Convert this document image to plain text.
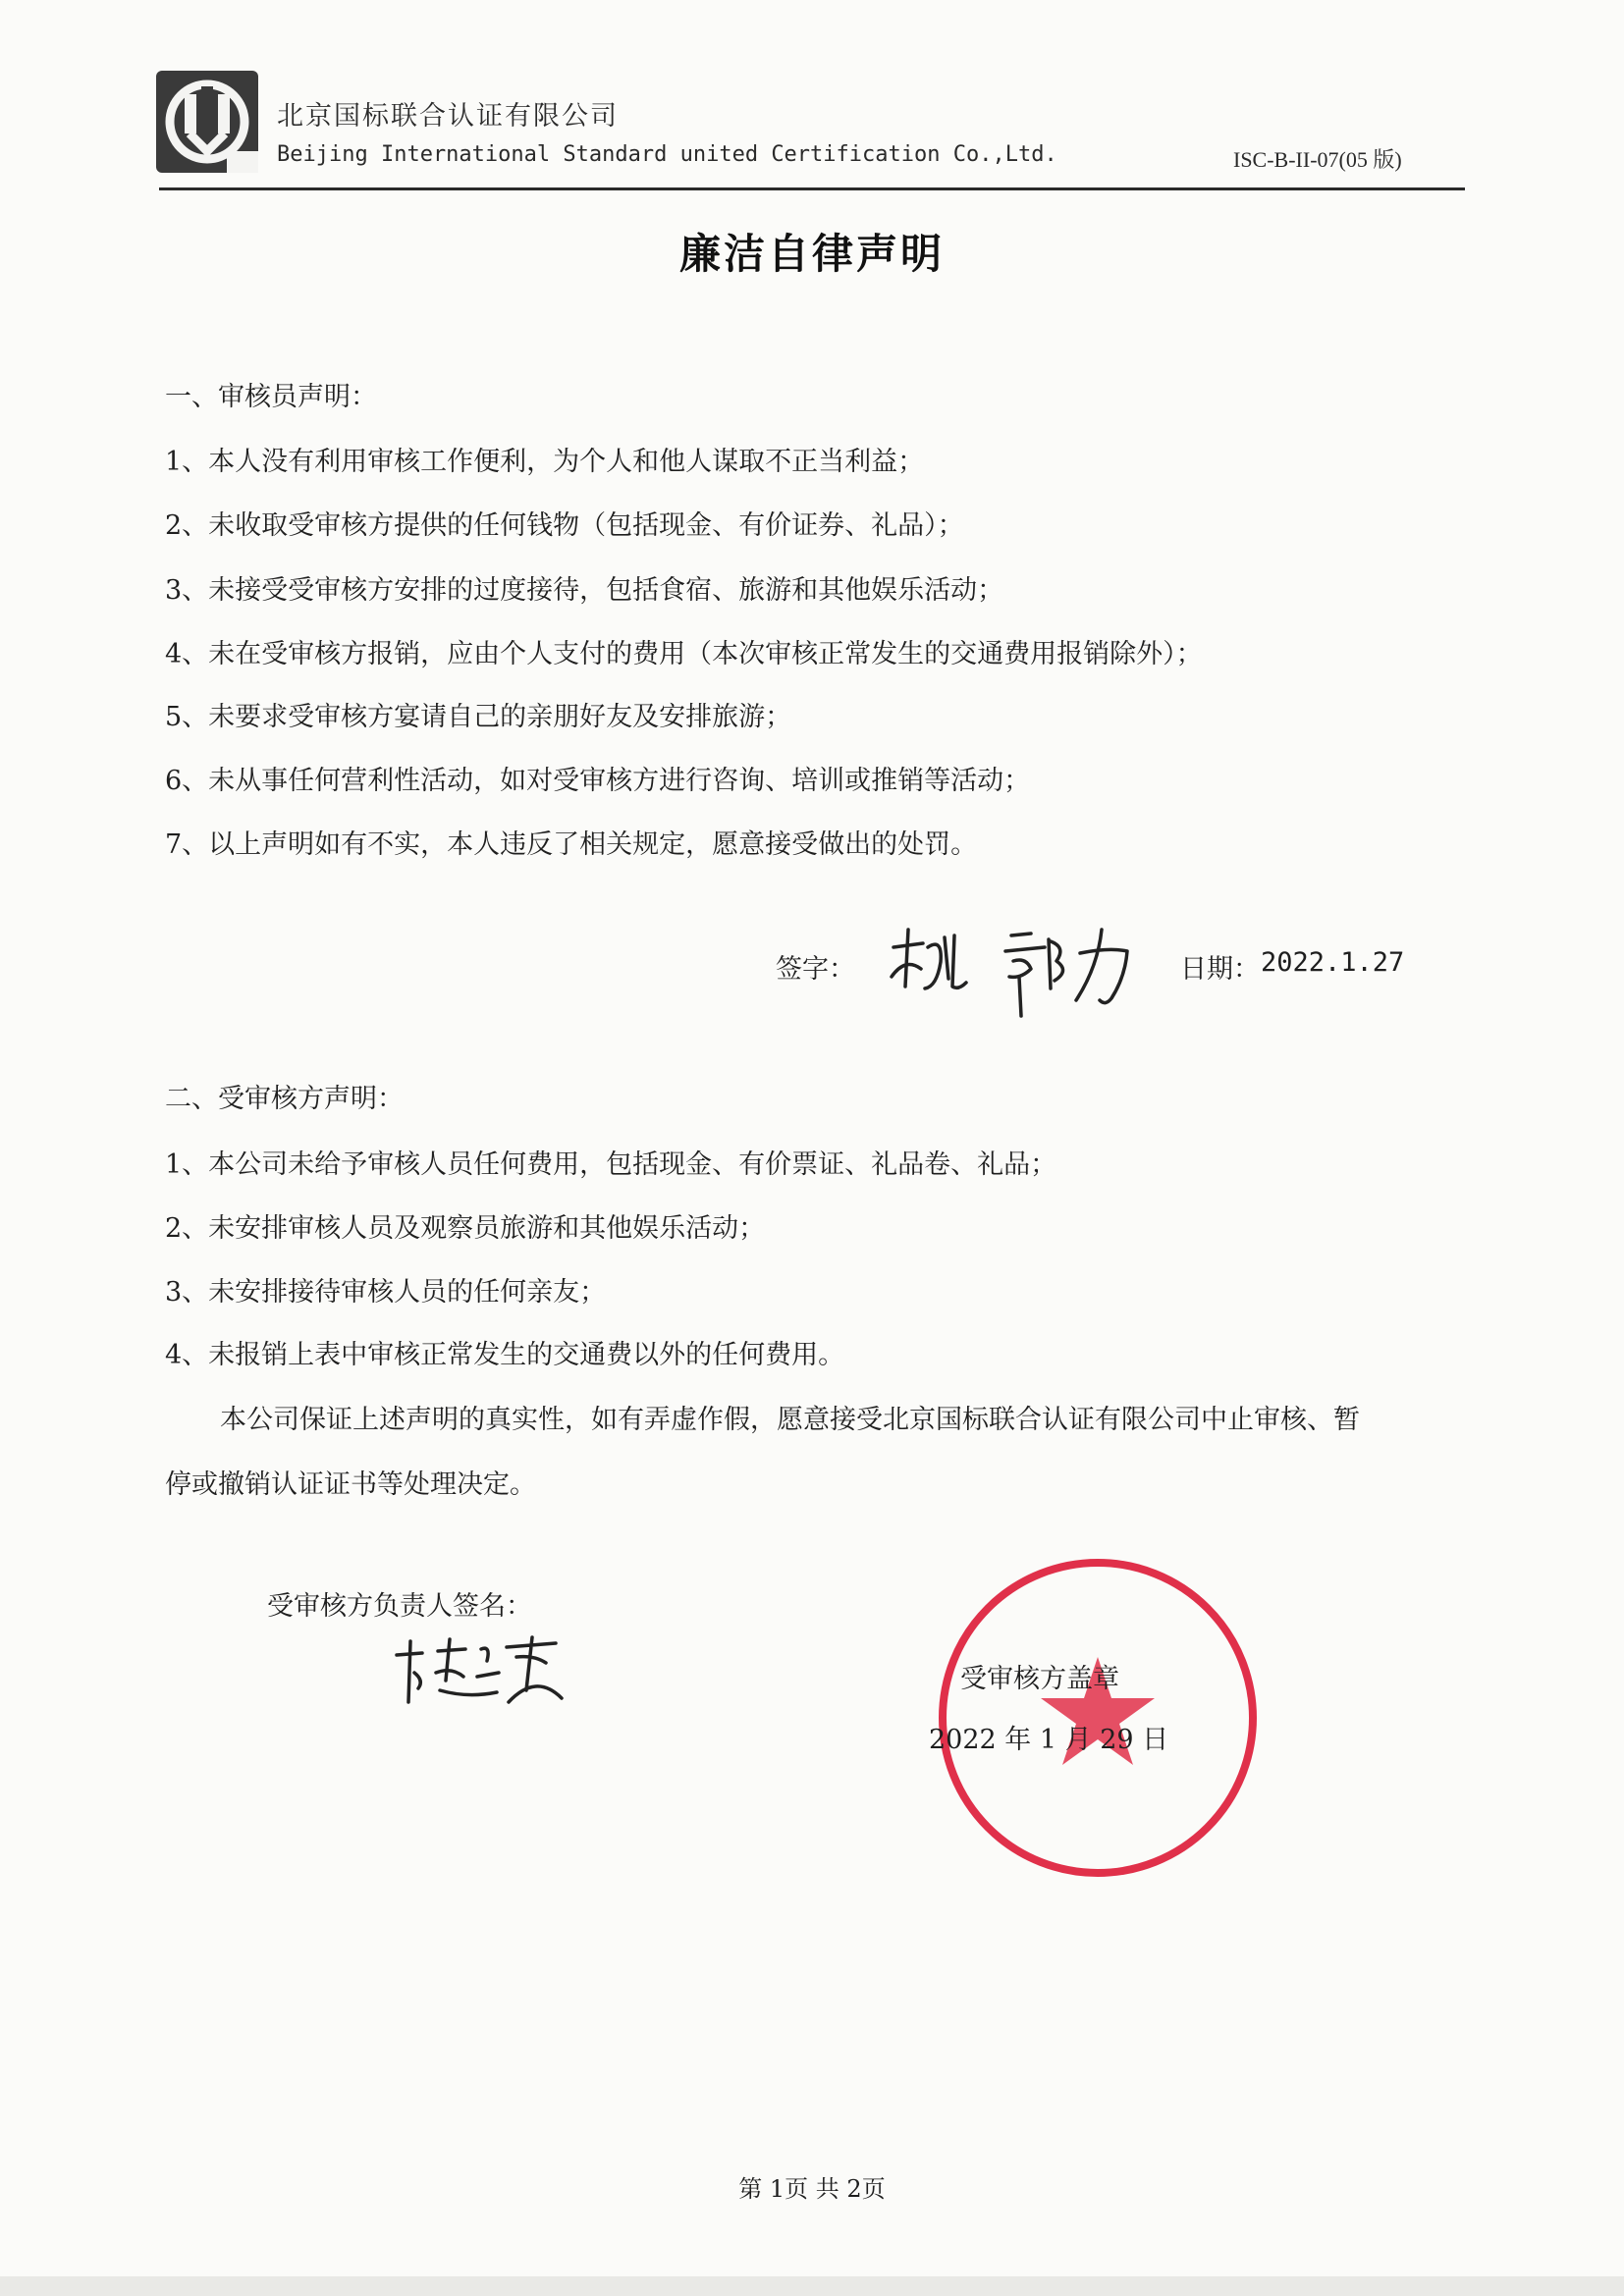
北京国标联合认证有限公司
Beijing International Standard united Certification Co.,Ltd.	ISC-B-II-07(05 版)
廉洁自律声明
一、审核员声明：
1、本人没有利用审核工作便利，为个人和他人谋取不正当利益；
2、未收取受审核方提供的任何钱物（包括现金、有价证券、礼品）；
3、未接受受审核方安排的过度接待，包括食宿、旅游和其他娱乐活动；
4、未在受审核方报销，应由个人支付的费用（本次审核正常发生的交通费用报销除外）；
5、未要求受审核方宴请自己的亲朋好友及安排旅游；
6、未从事任何营利性活动，如对受审核方进行咨询、培训或推销等活动；
7、以上声明如有不实，本人违反了相关规定，愿意接受做出的处罚。
签字：	日期： 2022.1.27
二、受审核方声明：
1、本公司未给予审核人员任何费用，包括现金、有价票证、礼品卷、礼品；
2、未安排审核人员及观察员旅游和其他娱乐活动；
3、未安排接待审核人员的任何亲友；
4、未报销上表中审核正常发生的交通费以外的任何费用。
本公司保证上述声明的真实性，如有弄虚作假，愿意接受北京国标联合认证有限公司中止审核、暂
停或撤销认证证书等处理决定。
受审核方负责人签名：
受审核方盖章
2022 年 1 月 29 日
第 1页 共 2页
